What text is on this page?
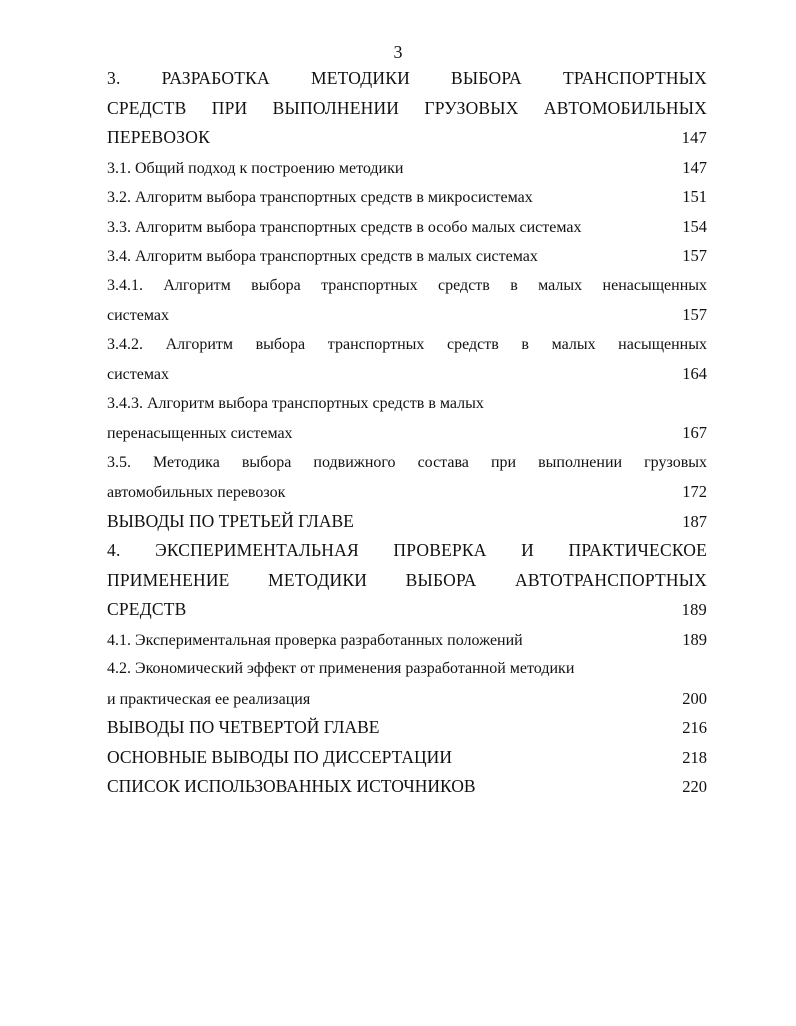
3
3. РАЗРАБОТКА МЕТОДИКИ ВЫБОРА ТРАНСПОРТНЫХ
СРЕДСТВ ПРИ ВЫПОЛНЕНИИ ГРУЗОВЫХ АВТОМОБИЛЬНЫХ
ПЕРЕВОЗОК	147
3.1. Общий подход к построению методики	147
3.2. Алгоритм выбора транспортных средств в микросистемах	151
3.3. Алгоритм выбора транспортных средств в особо малых системах	154
3.4. Алгоритм выбора транспортных средств в малых системах	157
3.4.1. Алгоритм выбора транспортных средств в малых ненасыщенных
системах	157
3.4.2. Алгоритм выбора транспортных средств в малых насыщенных
системах	164
3.4.3. Алгоритм выбора транспортных средств в малых
перенасыщенных системах	167
3.5. Методика выбора подвижного состава при выполнении грузовых
автомобильных перевозок	172
ВЫВОДЫ ПО ТРЕТЬЕЙ ГЛАВЕ	187
4. ЭКСПЕРИМЕНТАЛЬНАЯ ПРОВЕРКА И ПРАКТИЧЕСКОЕ
ПРИМЕНЕНИЕ МЕТОДИКИ ВЫБОРА АВТОТРАНСПОРТНЫХ
СРЕДСТВ	189
4.1. Экспериментальная проверка разработанных положений	189
4.2. Экономический эффект от применения разработанной методики
и практическая ее реализация	200
ВЫВОДЫ ПО ЧЕТВЕРТОЙ ГЛАВЕ	216
ОСНОВНЫЕ ВЫВОДЫ ПО ДИССЕРТАЦИИ	218
СПИСОК ИСПОЛЬЗОВАННЫХ ИСТОЧНИКОВ	220
